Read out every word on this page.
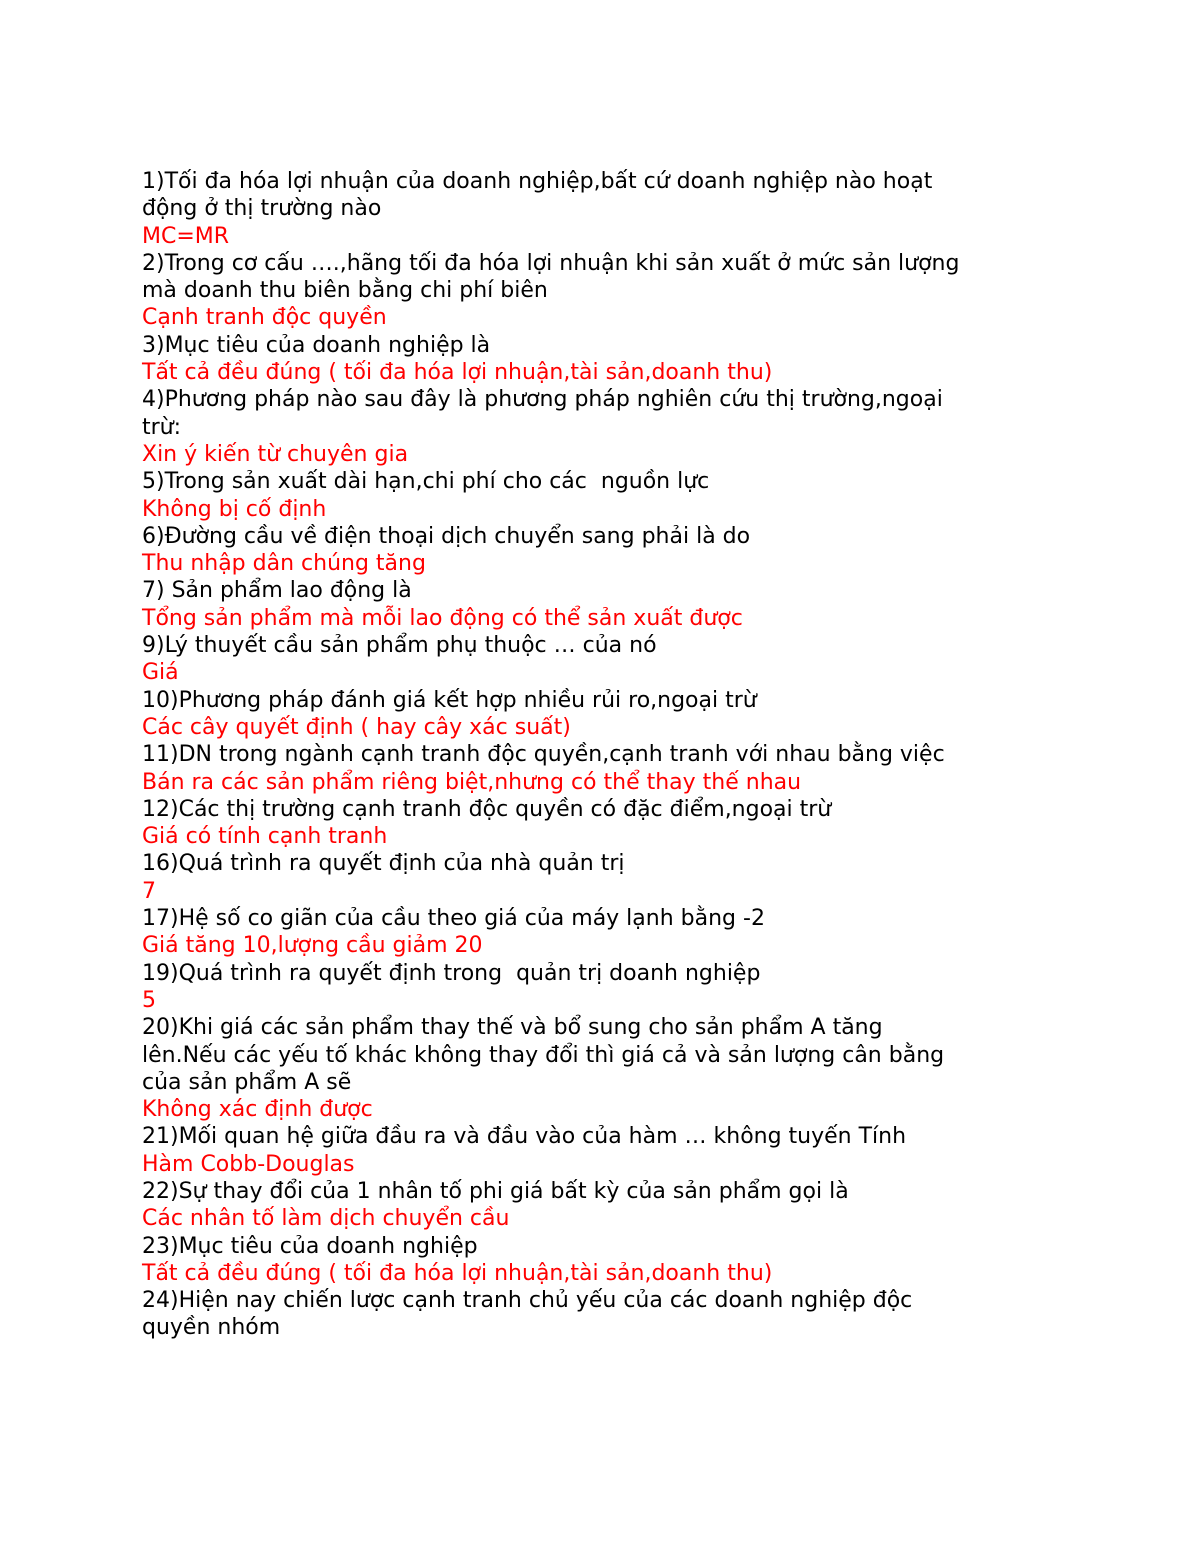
1)Tối đa hóa lợi nhuận của doanh nghiệp,bất cứ doanh nghiệp nào hoạt động ở thị trường nào
MC=MR
2)Trong cơ cấu ….,hãng tối đa hóa lợi nhuận khi sản xuất ở mức sản lượng mà doanh thu biên bằng chi phí biên
Cạnh tranh độc quyền
3)Mục tiêu của doanh nghiệp là
Tất cả đều đúng ( tối đa hóa lợi nhuận,tài sản,doanh thu)
4)Phương pháp nào sau đây là phương pháp nghiên cứu thị trường,ngoại trừ:
Xin ý kiến từ chuyên gia
5)Trong sản xuất dài hạn,chi phí cho các  nguồn lực
Không bị cố định
6)Đường cầu về điện thoại dịch chuyển sang phải là do
Thu nhập dân chúng tăng
7) Sản phẩm lao động là
Tổng sản phẩm mà mỗi lao động có thể sản xuất được
9)Lý thuyết cầu sản phẩm phụ thuộc … của nó
Giá
10)Phương pháp đánh giá kết hợp nhiều rủi ro,ngoại trừ
Các cây quyết định ( hay cây xác suất)
11)DN trong ngành cạnh tranh độc quyền,cạnh tranh với nhau bằng việc
Bán ra các sản phẩm riêng biệt,nhưng có thể thay thế nhau
12)Các thị trường cạnh tranh độc quyền có đặc điểm,ngoại trừ
Giá có tính cạnh tranh
16)Quá trình ra quyết định của nhà quản trị
7
17)Hệ số co giãn của cầu theo giá của máy lạnh bằng -2
Giá tăng 10,lượng cầu giảm 20
19)Quá trình ra quyết định trong  quản trị doanh nghiệp
5
20)Khi giá các sản phẩm thay thế và bổ sung cho sản phẩm A tăng lên.Nếu các yếu tố khác không thay đổi thì giá cả và sản lượng cân bằng của sản phẩm A sẽ
Không xác định được
21)Mối quan hệ giữa đầu ra và đầu vào của hàm … không tuyến Tính
Hàm Cobb-Douglas
22)Sự thay đổi của 1 nhân tố phi giá bất kỳ của sản phẩm gọi là
Các nhân tố làm dịch chuyển cầu
23)Mục tiêu của doanh nghiệp
Tất cả đều đúng ( tối đa hóa lợi nhuận,tài sản,doanh thu)
24)Hiện nay chiến lược cạnh tranh chủ yếu của các doanh nghiệp độc quyền nhóm
